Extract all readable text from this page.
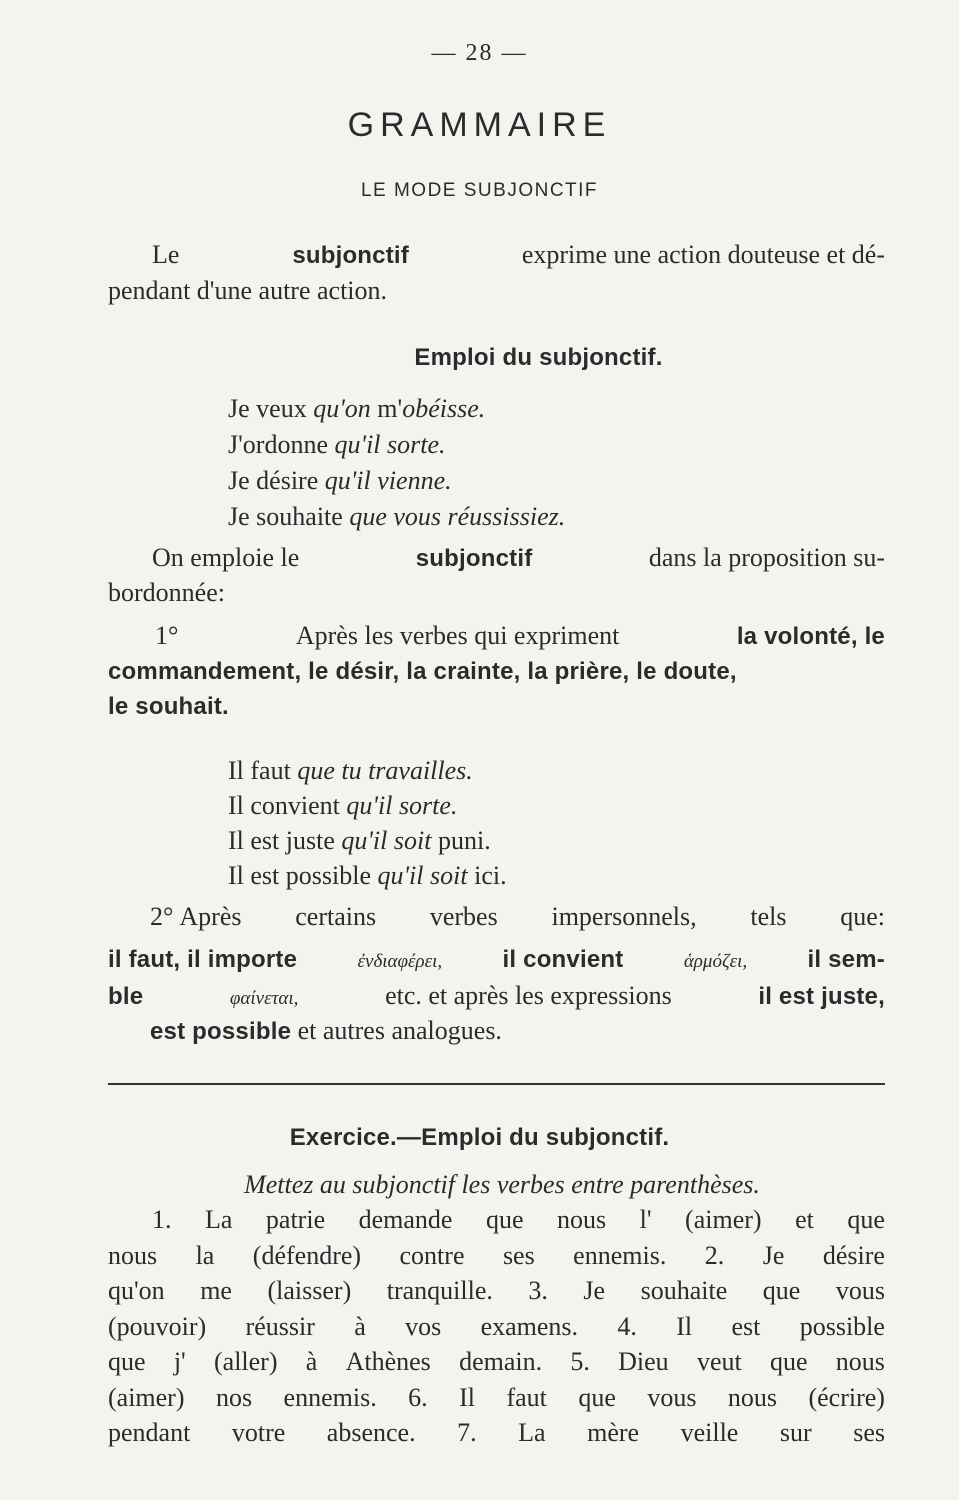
— 28 —
GRAMMAIRE
LE MODE SUBJONCTIF
Le	subjonctif	exprime une action douteuse et dé-
pendant d'une autre action.
Emploi du subjonctif.
Je veux qu'on m'obéisse.
J'ordonne qu'il sorte.
Je désire qu'il vienne.
Je souhaite que vous réussissiez.
On emploie le	subjonctif	dans la proposition su-
bordonnée:
1°	Après les verbes qui expriment	la volonté, le
commandement, le désir, la crainte, la prière, le doute,
le souhait.
Il faut que tu travailles.
Il convient qu'il sorte.
Il est juste qu'il soit puni.
Il est possible qu'il soit ici.
2° Après certains verbes impersonnels, tels que:
il faut, il importe	ἐνδιαφέρει,	il convient	ἁρμόζει,	il sem-
ble	φαίνεται,	etc. et après les expressions	il est juste,
est possible et autres analogues.
Exercice.—Emploi du subjonctif.
Mettez au subjonctif les verbes entre parenthèses.
1. La patrie demande que nous l' (aimer) et que
nous la (défendre) contre ses ennemis. 2. Je désire
qu'on me (laisser) tranquille. 3. Je souhaite que vous
(pouvoir) réussir à vos examens. 4. Il est possible
que j' (aller) à Athènes demain. 5. Dieu veut que nous
(aimer) nos ennemis. 6. Il faut que vous nous (écrire)
pendant votre absence. 7. La mère veille sur ses
